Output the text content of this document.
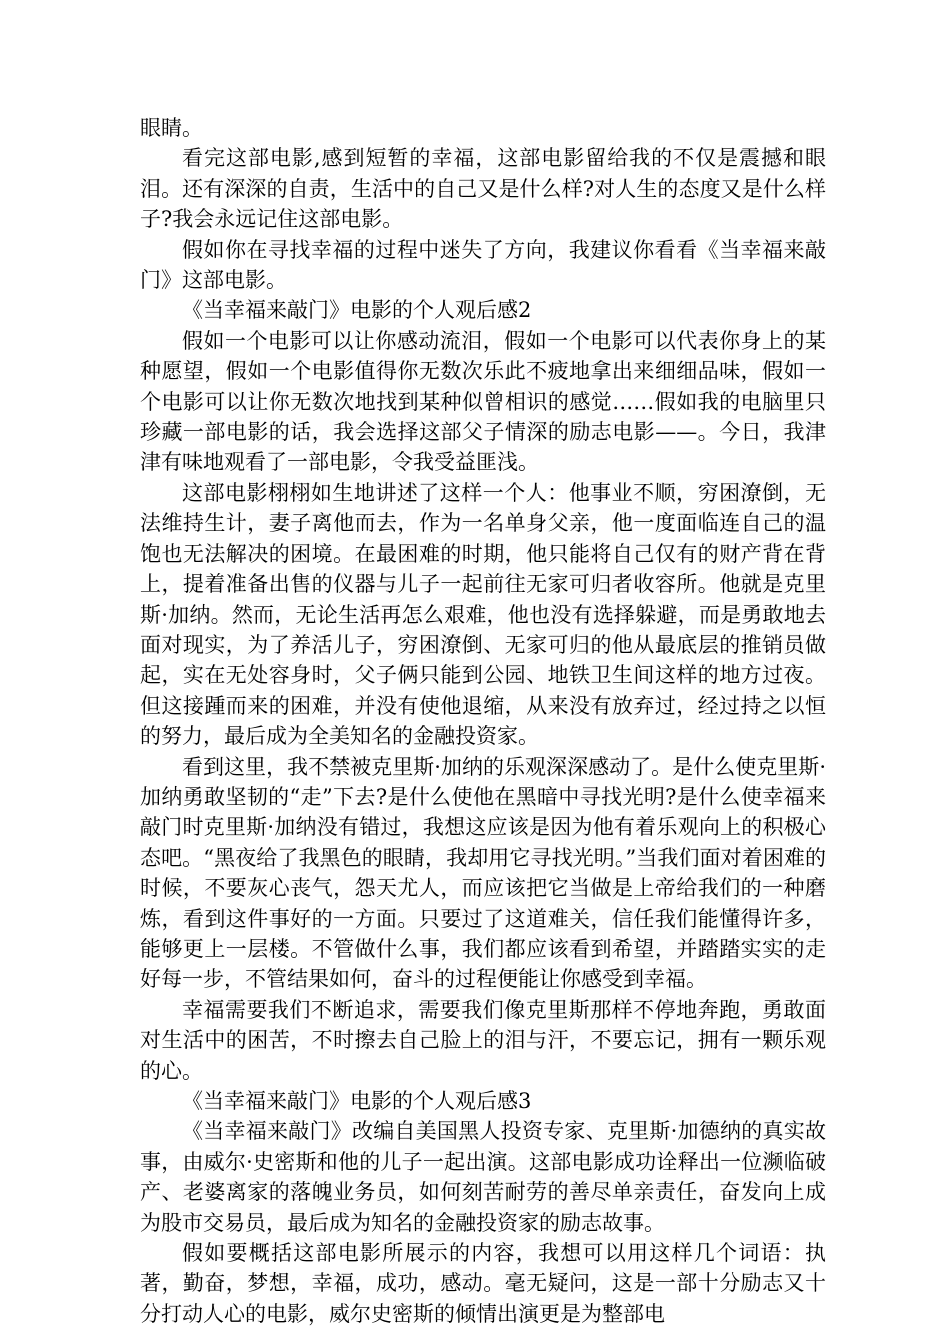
眼睛。

看完这部电影,感到短暂的幸福，这部电影留给我的不仅是震撼和眼泪。还有深深的自责，生活中的自己又是什么样?对人生的态度又是什么样子?我会永远记住这部电影。

假如你在寻找幸福的过程中迷失了方向，我建议你看看《当幸福来敲门》这部电影。

《当幸福来敲门》电影的个人观后感2

假如一个电影可以让你感动流泪，假如一个电影可以代表你身上的某种愿望，假如一个电影值得你无数次乐此不疲地拿出来细细品味，假如一个电影可以让你无数次地找到某种似曾相识的感觉……假如我的电脑里只珍藏一部电影的话，我会选择这部父子情深的励志电影——。今日，我津津有味地观看了一部电影，令我受益匪浅。

这部电影栩栩如生地讲述了这样一个人：他事业不顺，穷困潦倒，无法维持生计，妻子离他而去，作为一名单身父亲，他一度面临连自己的温饱也无法解决的困境。在最困难的时期，他只能将自己仅有的财产背在背上，提着准备出售的仪器与儿子一起前往无家可归者收容所。他就是克里斯·加纳。然而，无论生活再怎么艰难，他也没有选择躲避，而是勇敢地去面对现实，为了养活儿子，穷困潦倒、无家可归的他从最底层的推销员做起，实在无处容身时，父子俩只能到公园、地铁卫生间这样的地方过夜。但这接踵而来的困难，并没有使他退缩，从来没有放弃过，经过持之以恒的努力，最后成为全美知名的金融投资家。

看到这里，我不禁被克里斯·加纳的乐观深深感动了。是什么使克里斯·加纳勇敢坚韧的“走”下去?是什么使他在黑暗中寻找光明?是什么使幸福来敲门时克里斯·加纳没有错过，我想这应该是因为他有着乐观向上的积极心态吧。“黑夜给了我黑色的眼睛，我却用它寻找光明。”当我们面对着困难的时候，不要灰心丧气，怨天尤人，而应该把它当做是上帝给我们的一种磨炼，看到这件事好的一方面。只要过了这道难关，信任我们能懂得许多，能够更上一层楼。不管做什么事，我们都应该看到希望，并踏踏实实的走好每一步，不管结果如何，奋斗的过程便能让你感受到幸福。

幸福需要我们不断追求，需要我们像克里斯那样不停地奔跑，勇敢面对生活中的困苦，不时擦去自己脸上的泪与汗，不要忘记，拥有一颗乐观的心。

《当幸福来敲门》电影的个人观后感3

《当幸福来敲门》改编自美国黑人投资专家、克里斯·加德纳的真实故事，由威尔·史密斯和他的儿子一起出演。这部电影成功诠释出一位濒临破产、老婆离家的落魄业务员，如何刻苦耐劳的善尽单亲责任，奋发向上成为股市交易员，最后成为知名的金融投资家的励志故事。

假如要概括这部电影所展示的内容，我想可以用这样几个词语：执著，勤奋，梦想，幸福，成功，感动。毫无疑问，这是一部十分励志又十分打动人心的电影，威尔史密斯的倾情出演更是为整部电
